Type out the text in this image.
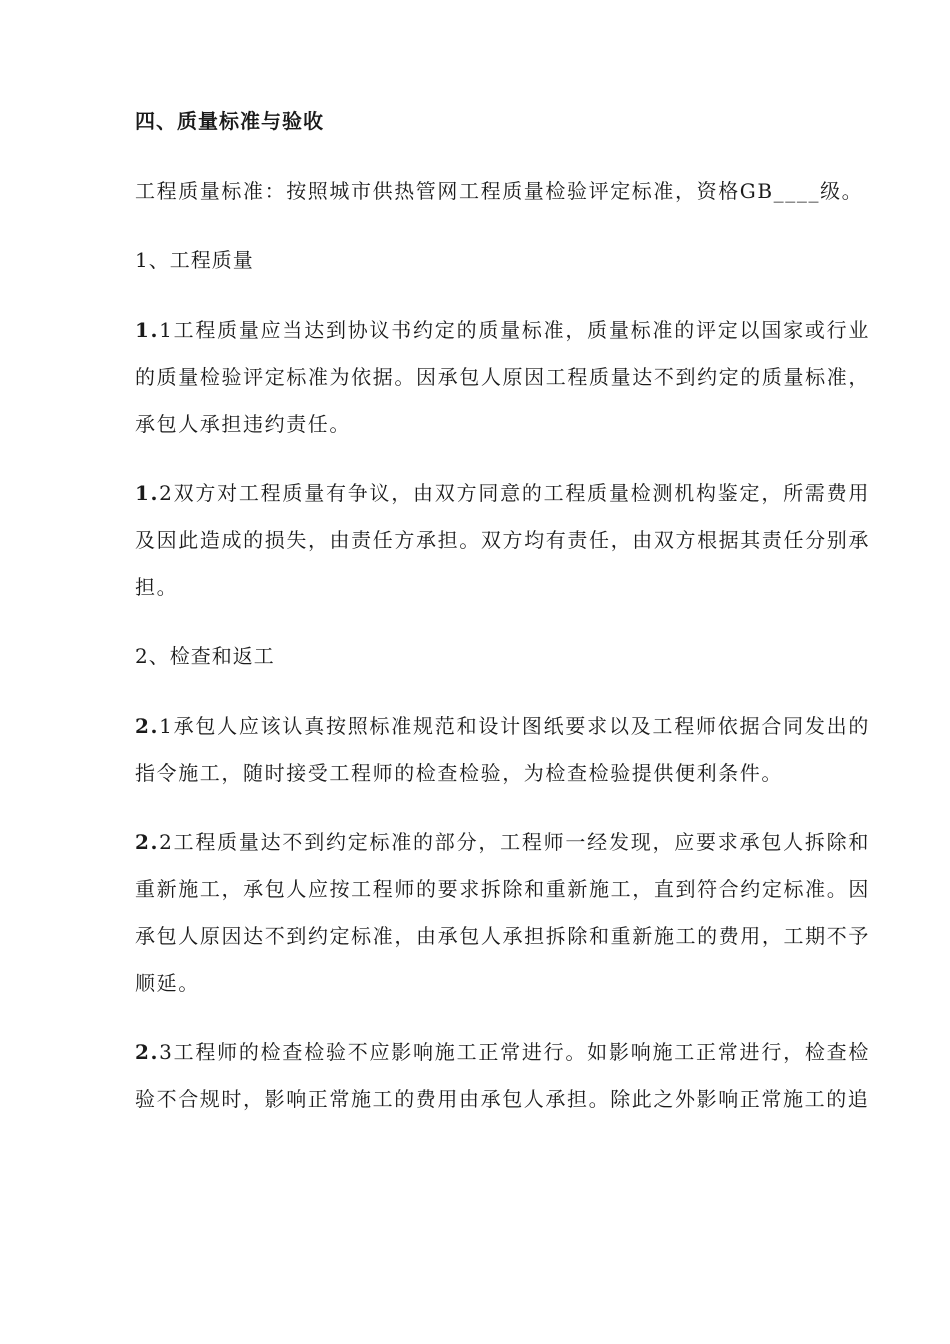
四、质量标准与验收

工程质量标准：按照城市供热管网工程质量检验评定标准，资格GB____级。

1、工程质量

1.1工程质量应当达到协议书约定的质量标准，质量标准的评定以国家或行业的质量检验评定标准为依据。因承包人原因工程质量达不到约定的质量标准，承包人承担违约责任。

1.2双方对工程质量有争议，由双方同意的工程质量检测机构鉴定，所需费用及因此造成的损失，由责任方承担。双方均有责任，由双方根据其责任分别承担。

2、检查和返工

2.1承包人应该认真按照标准规范和设计图纸要求以及工程师依据合同发出的指令施工，随时接受工程师的检查检验，为检查检验提供便利条件。

2.2工程质量达不到约定标准的部分，工程师一经发现，应要求承包人拆除和重新施工，承包人应按工程师的要求拆除和重新施工，直到符合约定标准。因承包人原因达不到约定标准，由承包人承担拆除和重新施工的费用，工期不予顺延。

2.3工程师的检查检验不应影响施工正常进行。如影响施工正常进行，检查检验不合规时，影响正常施工的费用由承包人承担。除此之外影响正常施工的追
